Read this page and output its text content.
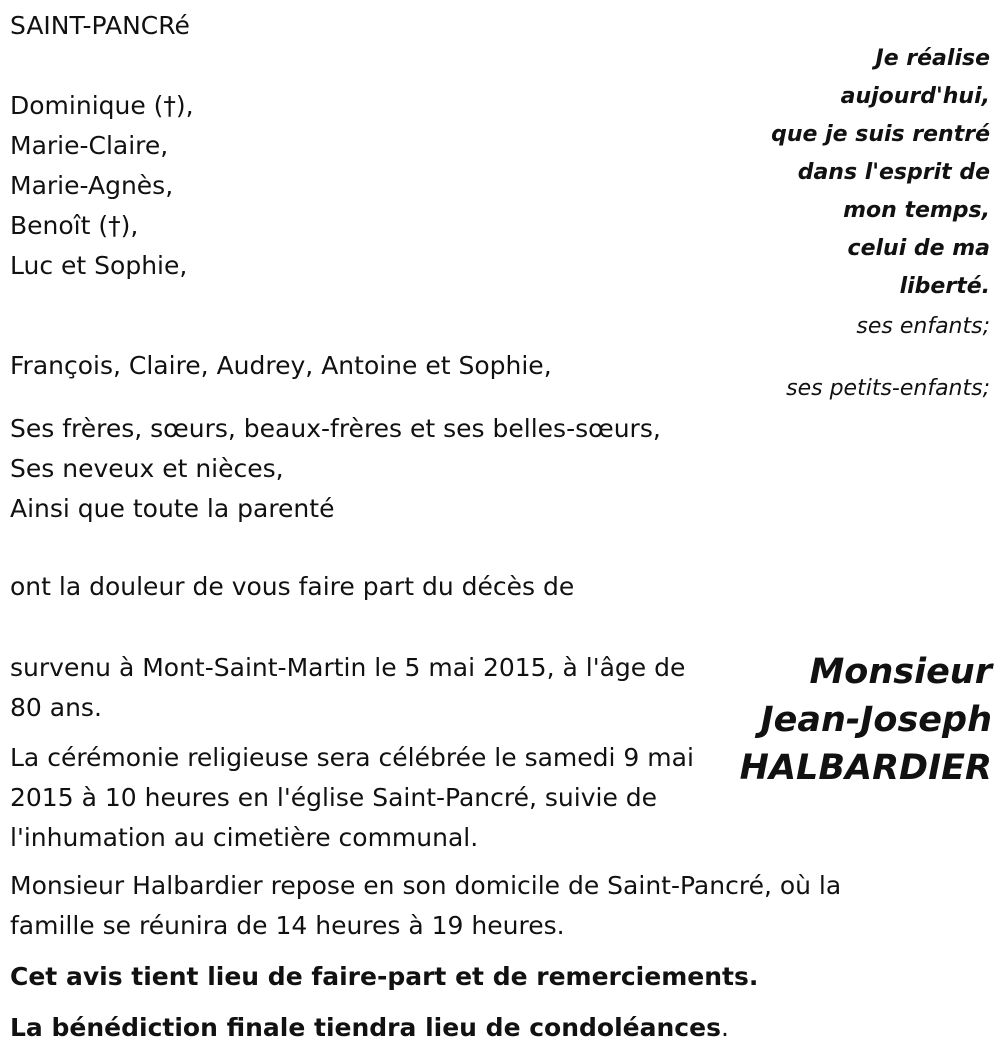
SAINT-PANCRé
Je réalise
aujourd'hui,
que je suis rentré
dans l'esprit de
mon temps,
celui de ma
liberté.
Dominique (†),
Marie-Claire,
Marie-Agnès,
Benoît (†),
Luc et Sophie,
ses enfants;
François, Claire, Audrey, Antoine et Sophie,
ses petits-enfants;
Ses frères, sœurs, beaux-frères et ses belles-sœurs,
Ses neveux et nièces,
Ainsi que toute la parenté
ont la douleur de vous faire part du décès de
Monsieur
Jean-Joseph
HALBARDIER
survenu à Mont-Saint-Martin le 5 mai 2015, à l'âge de
80 ans.
La cérémonie religieuse sera célébrée le samedi 9 mai
2015 à 10 heures en l'église Saint-Pancré, suivie de
l'inhumation au cimetière communal.
Monsieur Halbardier repose en son domicile de Saint-Pancré, où la
famille se réunira de 14 heures à 19 heures.
Cet avis tient lieu de faire-part et de remerciements.
La bénédiction finale tiendra lieu de condoléances.
